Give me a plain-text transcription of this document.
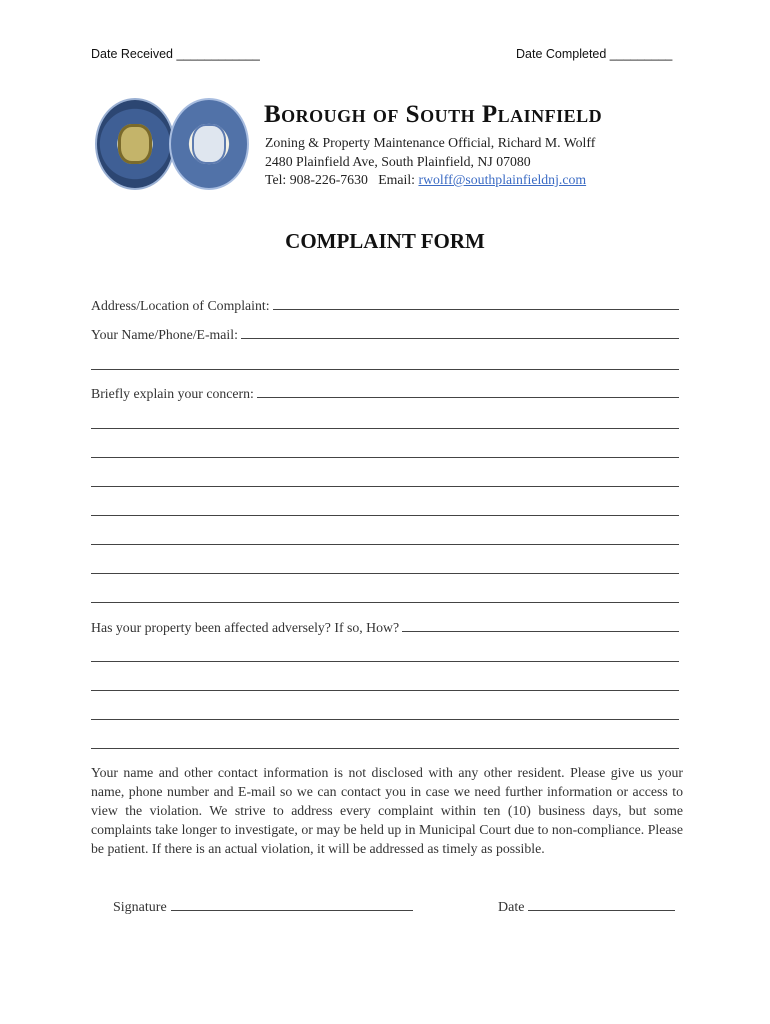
Date Received ____________	Date Completed _________
Borough of South Plainfield
Zoning & Property Maintenance Official, Richard M. Wolff
2480 Plainfield Ave, South Plainfield, NJ 07080
Tel: 908-226-7630   Email: rwolff@southplainfieldnj.com
COMPLAINT FORM
Address/Location of Complaint:
Your Name/Phone/E-mail:
Briefly explain your concern:
Has your property been affected adversely? If so, How?
Your name and other contact information is not disclosed with any other resident. Please give us your name, phone number and E-mail so we can contact you in case we need further information or access to view the violation. We strive to address every complaint within ten (10) business days, but some complaints take longer to investigate, or may be held up in Municipal Court due to non-compliance. Please be patient. If there is an actual violation, it will be addressed as timely as possible.
Signature	Date
